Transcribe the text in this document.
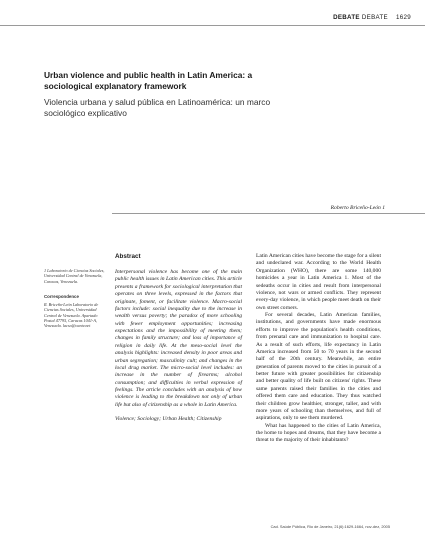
DEBATE DEBATE 1629
Urban violence and public health in Latin America: a sociological explanatory framework
Violencia urbana y salud pública en Latinoamérica: un marco sociológico explicativo
Roberto Briceño-León 1
1 Laboratorio de Ciencias Sociales, Universidad Central de Venezuela, Caracas, Venezuela.
Correspondence
R. Briceño-León Laboratorio de Ciencias Sociales, Universidad Central de Venezuela. Apartado Postal 47795, Caracas 1041-A, Venezuela. lacso@cantv.net
Abstract

Interpersonal violence has become one of the main public health issues in Latin American cities. This article presents a framework for sociological interpretation that operates on three levels, expressed in the factors that originate, foment, or facilitate violence. Macro-social factors include: social inequality due to the increase in wealth versus poverty; the paradox of more schooling with fewer employment opportunities; increasing expectations and the impossibility of meeting them; changes in family structure; and loss of importance of religion in daily life. At the meso-social level the analysis highlights: increased density in poor areas and urban segregation; masculinity cult; and changes in the local drug market. The micro-social level includes: an increase in the number of firearms; alcohol consumption; and difficulties in verbal expression of feelings. The article concludes with an analysis of how violence is leading to the breakdown not only of urban life but also of citizenship as a whole in Latin America.

Violence; Sociology; Urban Health; Citizenship

Latin American cities have become the stage for a silent and undeclared war. According to the World Health Organization (WHO), there are some 140,000 homicides a year in Latin America 1. Most of the sedeaths occur in cities and result from interpersonal violence, not wars or armed conflicts. They represent every-day violence, in which people meet death on their own street corners.

For several decades, Latin American families, institutions, and governments have made enormous efforts to improve the population's health conditions, from prenatal care and immunization to hospital care. As a result of such efforts, life expectancy in Latin America increased from 50 to 70 years in the second half of the 20th century. Meanwhile, an entire generation of parents moved to the cities in pursuit of a better future with greater possibilities for citizenship and better quality of life built on citizens' rights. These same parents raised their families in the cities and offered them care and education. They thus watched their children grow healthier, stronger, taller, and with more years of schooling than themselves, and full of aspirations, only to see them murdered.

What has happened to the cities of Latin America, the home to hopes and dreams, that they have become a threat to the majority of their inhabitants?

Cad. Saúde Pública, Rio de Janeiro, 21(6):1629-1664, nov-dez, 2005
